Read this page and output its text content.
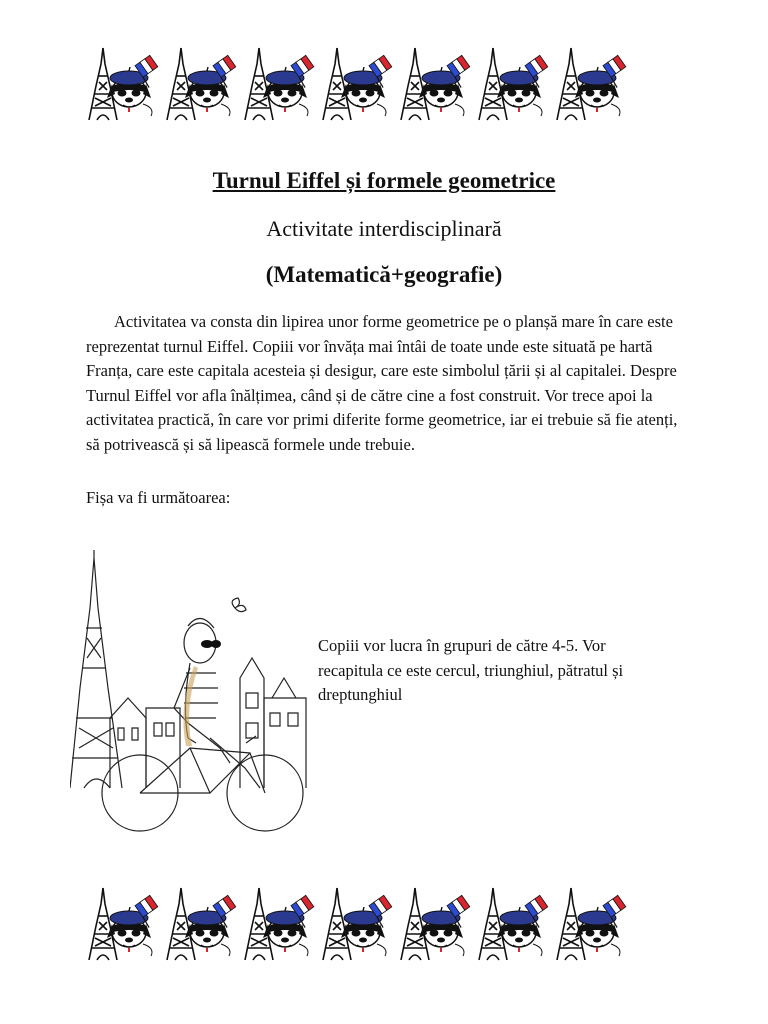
Turnul Eiffel și formele geometrice
Activitate interdisciplinară
(Matematică+geografie)

Activitatea va consta din lipirea unor forme geometrice pe o planșă mare în care este reprezentat turnul Eiffel. Copiii vor învăța mai întâi de toate unde este situată pe hartă Franța, care este capitala acesteia și desigur, care este simbolul țării și al capitalei. Despre Turnul Eiffel vor afla înălțimea, când și de către cine a fost construit. Vor trece apoi la activitatea practică, în care vor primi diferite forme geometrice, iar ei trebuie să fie atenți, să potrivească și să lipească formele unde trebuie.

Fișa va fi următoarea:

Copiii vor lucra în grupuri de către 4-5. Vor recapitula ce este cercul, triunghiul, pătratul și dreptunghiul
